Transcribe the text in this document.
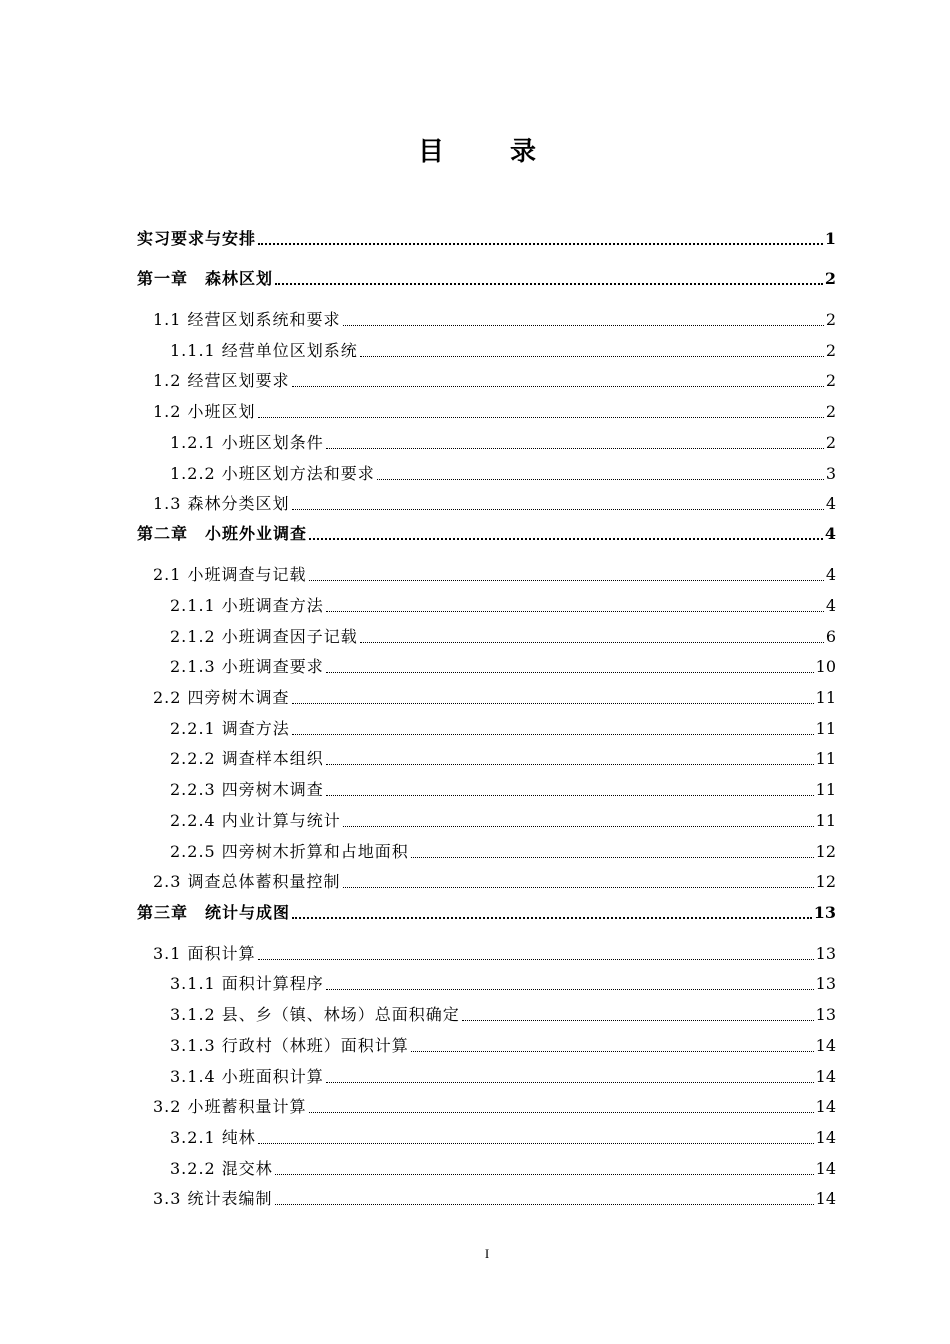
目　录
实习要求与安排	1
第一章　森林区划	2
1.1 经营区划系统和要求	2
1.1.1 经营单位区划系统	2
1.2 经营区划要求	2
1.2 小班区划	2
1.2.1 小班区划条件	2
1.2.2 小班区划方法和要求	3
1.3 森林分类区划	4
第二章　小班外业调查	4
2.1 小班调查与记载	4
2.1.1 小班调查方法	4
2.1.2 小班调查因子记载	6
2.1.3 小班调查要求	10
2.2 四旁树木调查	11
2.2.1 调查方法	11
2.2.2 调查样本组织	11
2.2.3 四旁树木调查	11
2.2.4 内业计算与统计	11
2.2.5 四旁树木折算和占地面积	12
2.3 调查总体蓄积量控制	12
第三章　统计与成图	13
3.1 面积计算	13
3.1.1 面积计算程序	13
3.1.2 县、乡（镇、林场）总面积确定	13
3.1.3 行政村（林班）面积计算	14
3.1.4 小班面积计算	14
3.2 小班蓄积量计算	14
3.2.1 纯林	14
3.2.2 混交林	14
3.3 统计表编制	14
I
